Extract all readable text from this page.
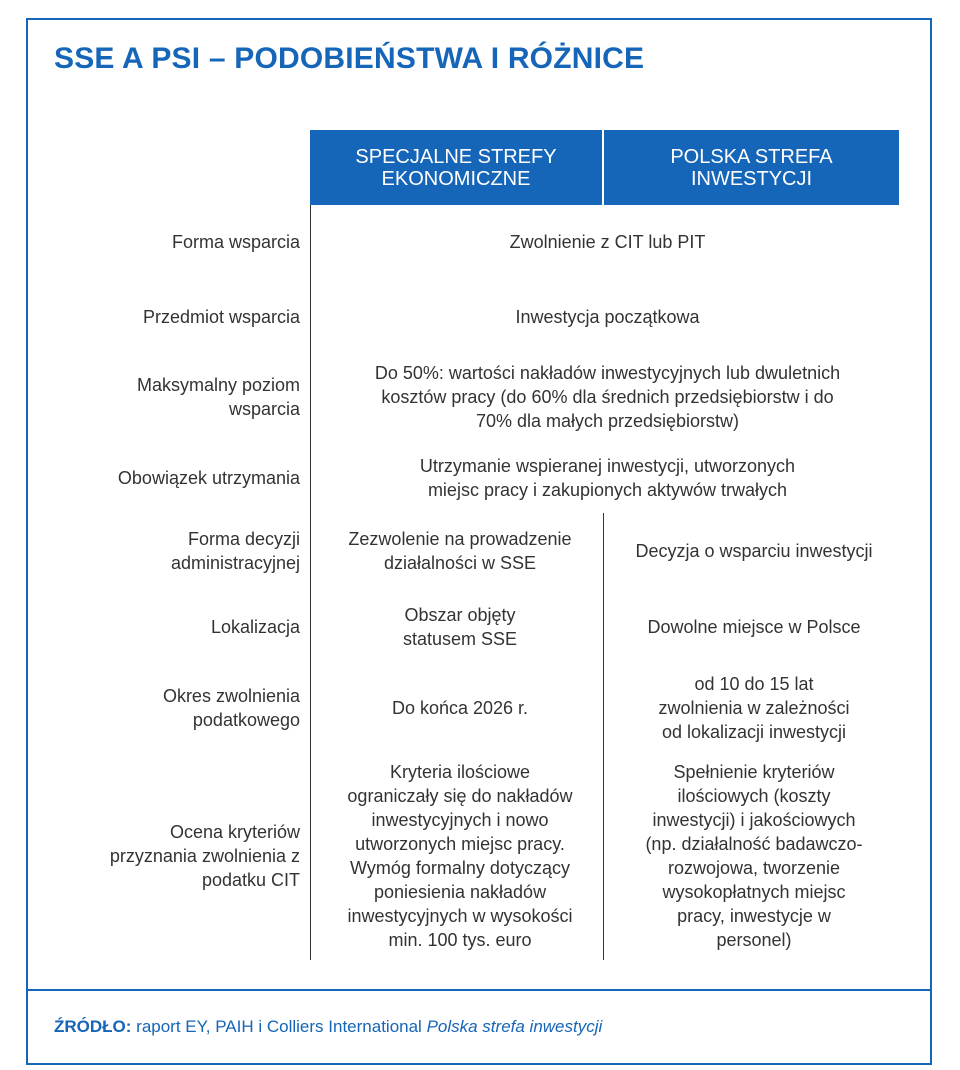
SSE A PSI – PODOBIEŃSTWA I RÓŻNICE
SPECJALNE STREFY EKONOMICZNE
POLSKA STREFA INWESTYCJI
Forma wsparcia	Zwolnienie z CIT lub PIT
Przedmiot wsparcia	Inwestycja początkowa
Maksymalny poziom wsparcia
Do 50%: wartości nakładów inwestycyjnych lub dwuletnich kosztów pracy (do 60% dla średnich przedsiębiorstw i do 70% dla małych przedsiębiorstw)
Obowiązek utrzymania
Utrzymanie wspieranej inwestycji, utworzonych miejsc pracy i zakupionych aktywów trwałych
Forma decyzji administracyjnej
Zezwolenie na prowadzenie działalności w SSE
Decyzja o wsparciu inwestycji
Lokalizacja
Obszar objęty statusem SSE
Dowolne miejsce w Polsce
Okres zwolnienia podatkowego
Do końca 2026 r.
od 10 do 15 lat zwolnienia w zależności od lokalizacji inwestycji
Ocena kryteriów przyznania zwolnienia z podatku CIT
Kryteria ilościowe ograniczały się do nakładów inwestycyjnych i nowo utworzonych miejsc pracy. Wymóg formalny dotyczący poniesienia nakładów inwestycyjnych w wysokości min. 100 tys. euro
Spełnienie kryteriów ilościowych (koszty inwestycji) i jakościowych (np. działalność badawczo-rozwojowa, tworzenie wysokopłatnych miejsc pracy, inwestycje w personel)
ŹRÓDŁO: raport EY, PAIH i Colliers International Polska strefa inwestycji
